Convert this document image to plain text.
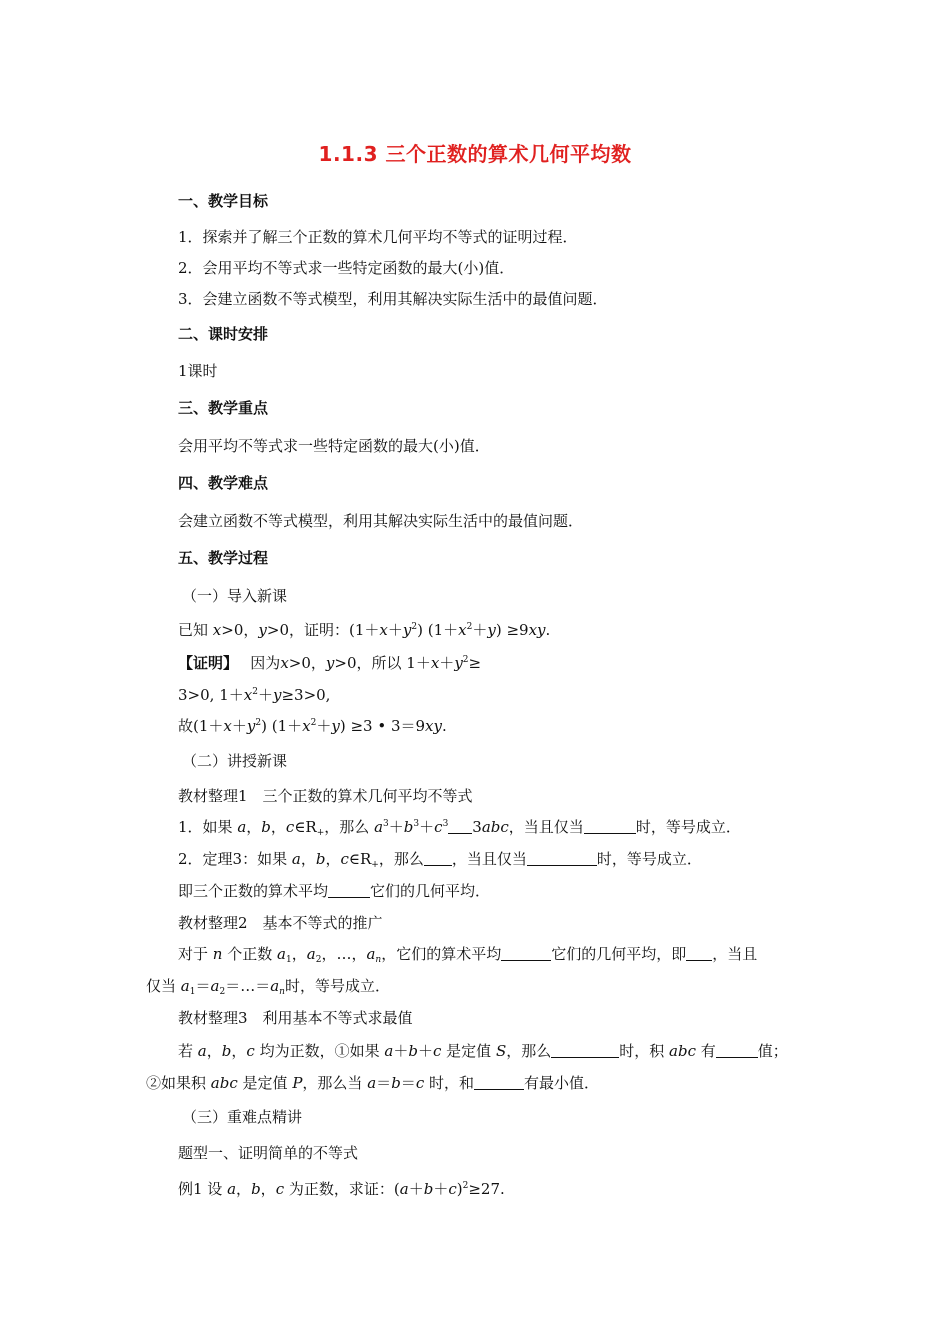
1.1.3 三个正数的算术几何平均数
一、教学目标
1．探索并了解三个正数的算术几何平均不等式的证明过程．
2．会用平均不等式求一些特定函数的最大(小)值．
3．会建立函数不等式模型，利用其解决实际生活中的最值问题．
二、课时安排
1课时
三、教学重点
会用平均不等式求一些特定函数的最大(小)值．
四、教学难点
会建立函数不等式模型，利用其解决实际生活中的最值问题．
五、教学过程
（一）导入新课
已知 x>0，y>0，证明：$(1+x+y^2)$ $(1+x^2+y) \ge 9xy$.
【证明】　 因为x>0，y>0，所以 $1+x+y^2\ge$
3>0, $1+x^2+y\ge 3>0$,
故$(1+x+y^2)$ $(1+x^2+y) \ge 3$ • 3＝9xy.
（二）讲授新课
教材整理1　三个正数的算术几何平均不等式
1．如果 a，b，$c\in R_+$，那么 $a^3+b^3+c^3$ 3abc，当且仅当	时，等号成立．
2．定理3：如果 a，b，$c\in R_+$，那么 ，当且仅当	时，等号成立．
即三个正数的算术平均	它们的几何平均．
教材整理2　基本不等式的推广
对于 n 个正数 $a_1$，$a_2$，…，$a_n$，它们的算术平均	它们的几何平均，即 ，当且
仅当 $a_1=a_2=\dots=a_n$时，等号成立．
教材整理3　利用基本不等式求最值
若 a，b，c 均为正数，①如果 a＋b＋c 是定值 S，那么	时，积 abc 有	值；
②如果积 abc 是定值 P，那么当 a＝b＝c 时，和	有最小值．
（三）重难点精讲
题型一、证明简单的不等式
例1 设 a，b，c 为正数，求证：$(a+b+c)^2\ge 27$.
